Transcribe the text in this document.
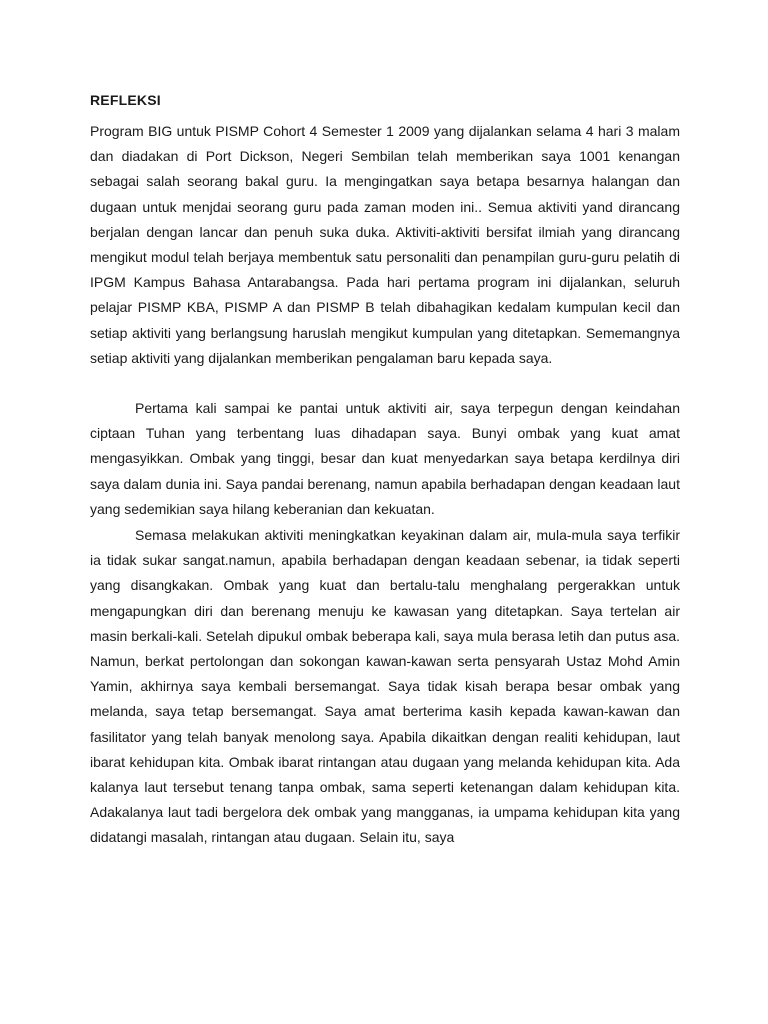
REFLEKSI

Program BIG untuk PISMP Cohort 4 Semester 1 2009 yang dijalankan selama 4 hari 3 malam dan diadakan di Port Dickson, Negeri Sembilan telah memberikan saya 1001 kenangan sebagai salah seorang bakal guru. Ia mengingatkan saya betapa besarnya halangan dan dugaan untuk menjdai seorang guru pada zaman moden ini.. Semua aktiviti yand dirancang berjalan dengan lancar dan penuh suka duka. Aktiviti-aktiviti bersifat ilmiah yang dirancang mengikut modul telah berjaya membentuk satu personaliti dan penampilan guru-guru pelatih di IPGM Kampus Bahasa Antarabangsa. Pada hari pertama program ini dijalankan, seluruh pelajar PISMP KBA, PISMP A dan PISMP B telah dibahagikan kedalam kumpulan kecil dan setiap aktiviti yang berlangsung haruslah mengikut kumpulan yang ditetapkan. Sememangnya setiap aktiviti yang dijalankan memberikan pengalaman baru kepada saya.

Pertama kali sampai ke pantai untuk aktiviti air, saya terpegun dengan keindahan ciptaan Tuhan yang terbentang luas dihadapan saya. Bunyi ombak yang kuat amat mengasyikkan. Ombak yang tinggi, besar dan kuat menyedarkan saya betapa kerdilnya diri saya dalam dunia ini. Saya pandai berenang, namun apabila berhadapan dengan keadaan laut yang sedemikian saya hilang keberanian dan kekuatan.

Semasa melakukan aktiviti meningkatkan keyakinan dalam air, mula-mula saya terfikir ia tidak sukar sangat.namun, apabila berhadapan dengan keadaan sebenar, ia tidak seperti yang disangkakan. Ombak yang kuat dan bertalu-talu menghalang pergerakkan untuk mengapungkan diri dan berenang menuju ke kawasan yang ditetapkan. Saya tertelan air masin berkali-kali. Setelah dipukul ombak beberapa kali, saya mula berasa letih dan putus asa. Namun, berkat pertolongan dan sokongan kawan-kawan serta pensyarah Ustaz Mohd Amin Yamin, akhirnya saya kembali bersemangat. Saya tidak kisah berapa besar ombak yang melanda, saya tetap bersemangat. Saya amat berterima kasih kepada kawan-kawan dan fasilitator yang telah banyak menolong saya. Apabila dikaitkan dengan realiti kehidupan, laut ibarat kehidupan kita. Ombak ibarat rintangan atau dugaan yang melanda kehidupan kita. Ada kalanya laut tersebut tenang tanpa ombak, sama seperti ketenangan dalam kehidupan kita. Adakalanya laut tadi bergelora dek ombak yang mangganas, ia umpama kehidupan kita yang didatangi masalah, rintangan atau dugaan. Selain itu, saya
